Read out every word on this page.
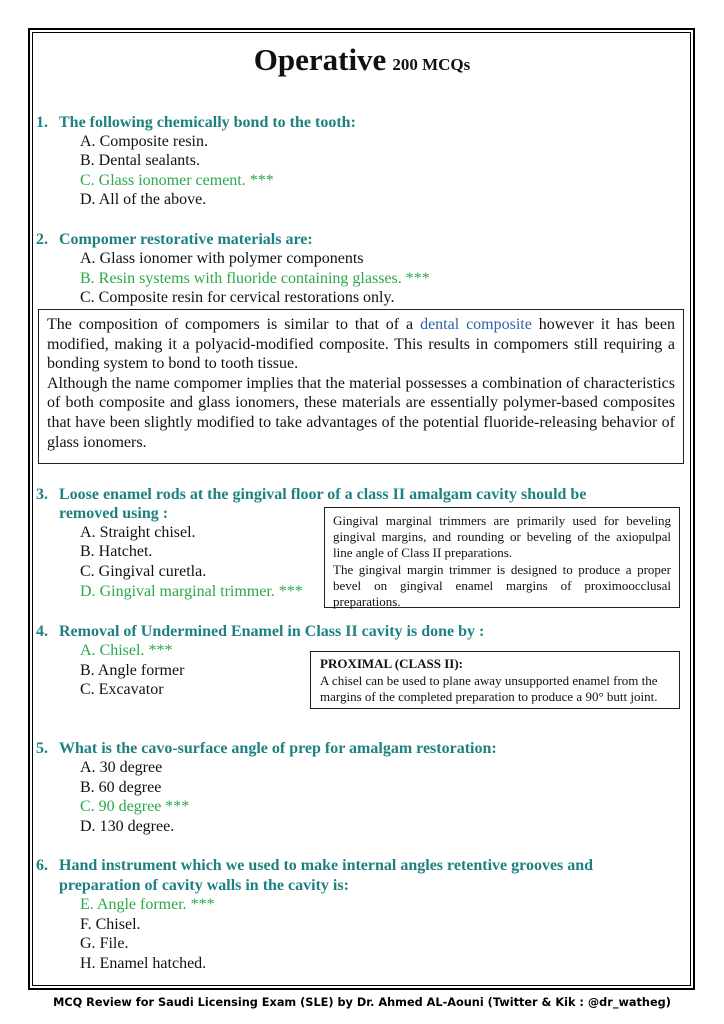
Operative 200 MCQs
1. The following chemically bond to the tooth:
A. Composite resin.
B. Dental sealants.
C. Glass ionomer cement. ***
D. All of the above.
2. Compomer restorative materials are:
A. Glass ionomer with polymer components
B. Resin systems with fluoride containing glasses. ***
C. Composite resin for cervical restorations only.

The composition of compomers is similar to that of a dental composite however it has been modified, making it a polyacid-modified composite. This results in compomers still requiring a bonding system to bond to tooth tissue.

Although the name compomer implies that the material possesses a combination of characteristics of both composite and glass ionomers, these materials are essentially polymer-based composites that have been slightly modified to take advantages of the potential fluoride-releasing behavior of glass ionomers.

3. Loose enamel rods at the gingival floor of a class II amalgam cavity should be
removed using :
A. Straight chisel.
B. Hatchet.
C. Gingival curetla.
D. Gingival marginal trimmer. ***

Gingival marginal trimmers are primarily used for beveling gingival margins, and rounding or beveling of the axiopulpal line angle of Class II preparations.

The gingival margin trimmer is designed to produce a proper bevel on gingival enamel margins of proximoocclusal preparations.

4. Removal of Undermined Enamel in Class II cavity is done by :
A. Chisel. ***
B. Angle former
C. Excavator
PROXIMAL (CLASS II):
A chisel can be used to plane away unsupported enamel from the margins of the completed preparation to produce a 90° butt joint.
5. What is the cavo-surface angle of prep for amalgam restoration:
A. 30 degree
B. 60 degree
C. 90 degree ***
D. 130 degree.
6. Hand instrument which we used to make internal angles retentive grooves and
preparation of cavity walls in the cavity is:
E. Angle former. ***
F. Chisel.
G. File.
H. Enamel hatched.
MCQ Review for Saudi Licensing Exam (SLE) by Dr. Ahmed AL-Aouni (Twitter & Kik : @dr_watheg)
